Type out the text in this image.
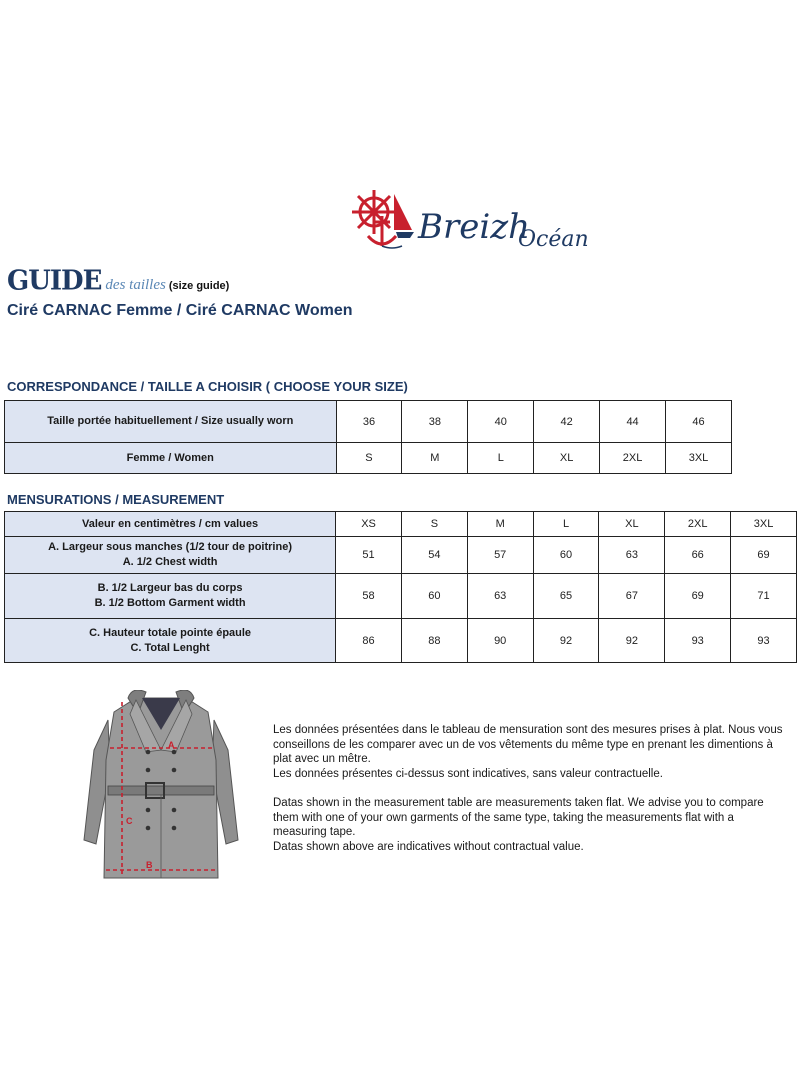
Breizh
Océan
GUIDE des tailles (size guide)
Ciré CARNAC Femme / Ciré CARNAC Women
CORRESPONDANCE / TAILLE A CHOISIR ( CHOOSE YOUR SIZE)
Taille portée habituellement / Size usually worn	36	38	40	42	44	46
Femme / Women	S	M	L	XL	2XL	3XL
MENSURATIONS / MEASUREMENT
Valeur en centimètres / cm values	XS	S	M	L	XL	2XL	3XL

A. Largeur sous manches (1/2 tour de poitrine)
A. 1/2 Chest width	51	54	57	60	63	66	69

B. 1/2 Largeur bas du corps
B. 1/2 Bottom Garment width	58	60	63	65	67	69	71

C. Hauteur totale pointe épaule
C. Total Lenght	86	88	90	92	92	93	93
A
B
C

Les données présentées dans le tableau de mensuration sont des mesures prises à plat. Nous vous conseillons de les comparer avec un de vos vêtements du même type en prenant les dimentions à plat avec un mêtre.

Les données présentes ci-dessus sont indicatives, sans valeur contractuelle.

Datas shown in the measurement table are measurements taken flat. We advise you to compare them with one of your own garments of the same type, taking the measurements flat with a measuring tape.

Datas shown above are indicatives without contractual value.
